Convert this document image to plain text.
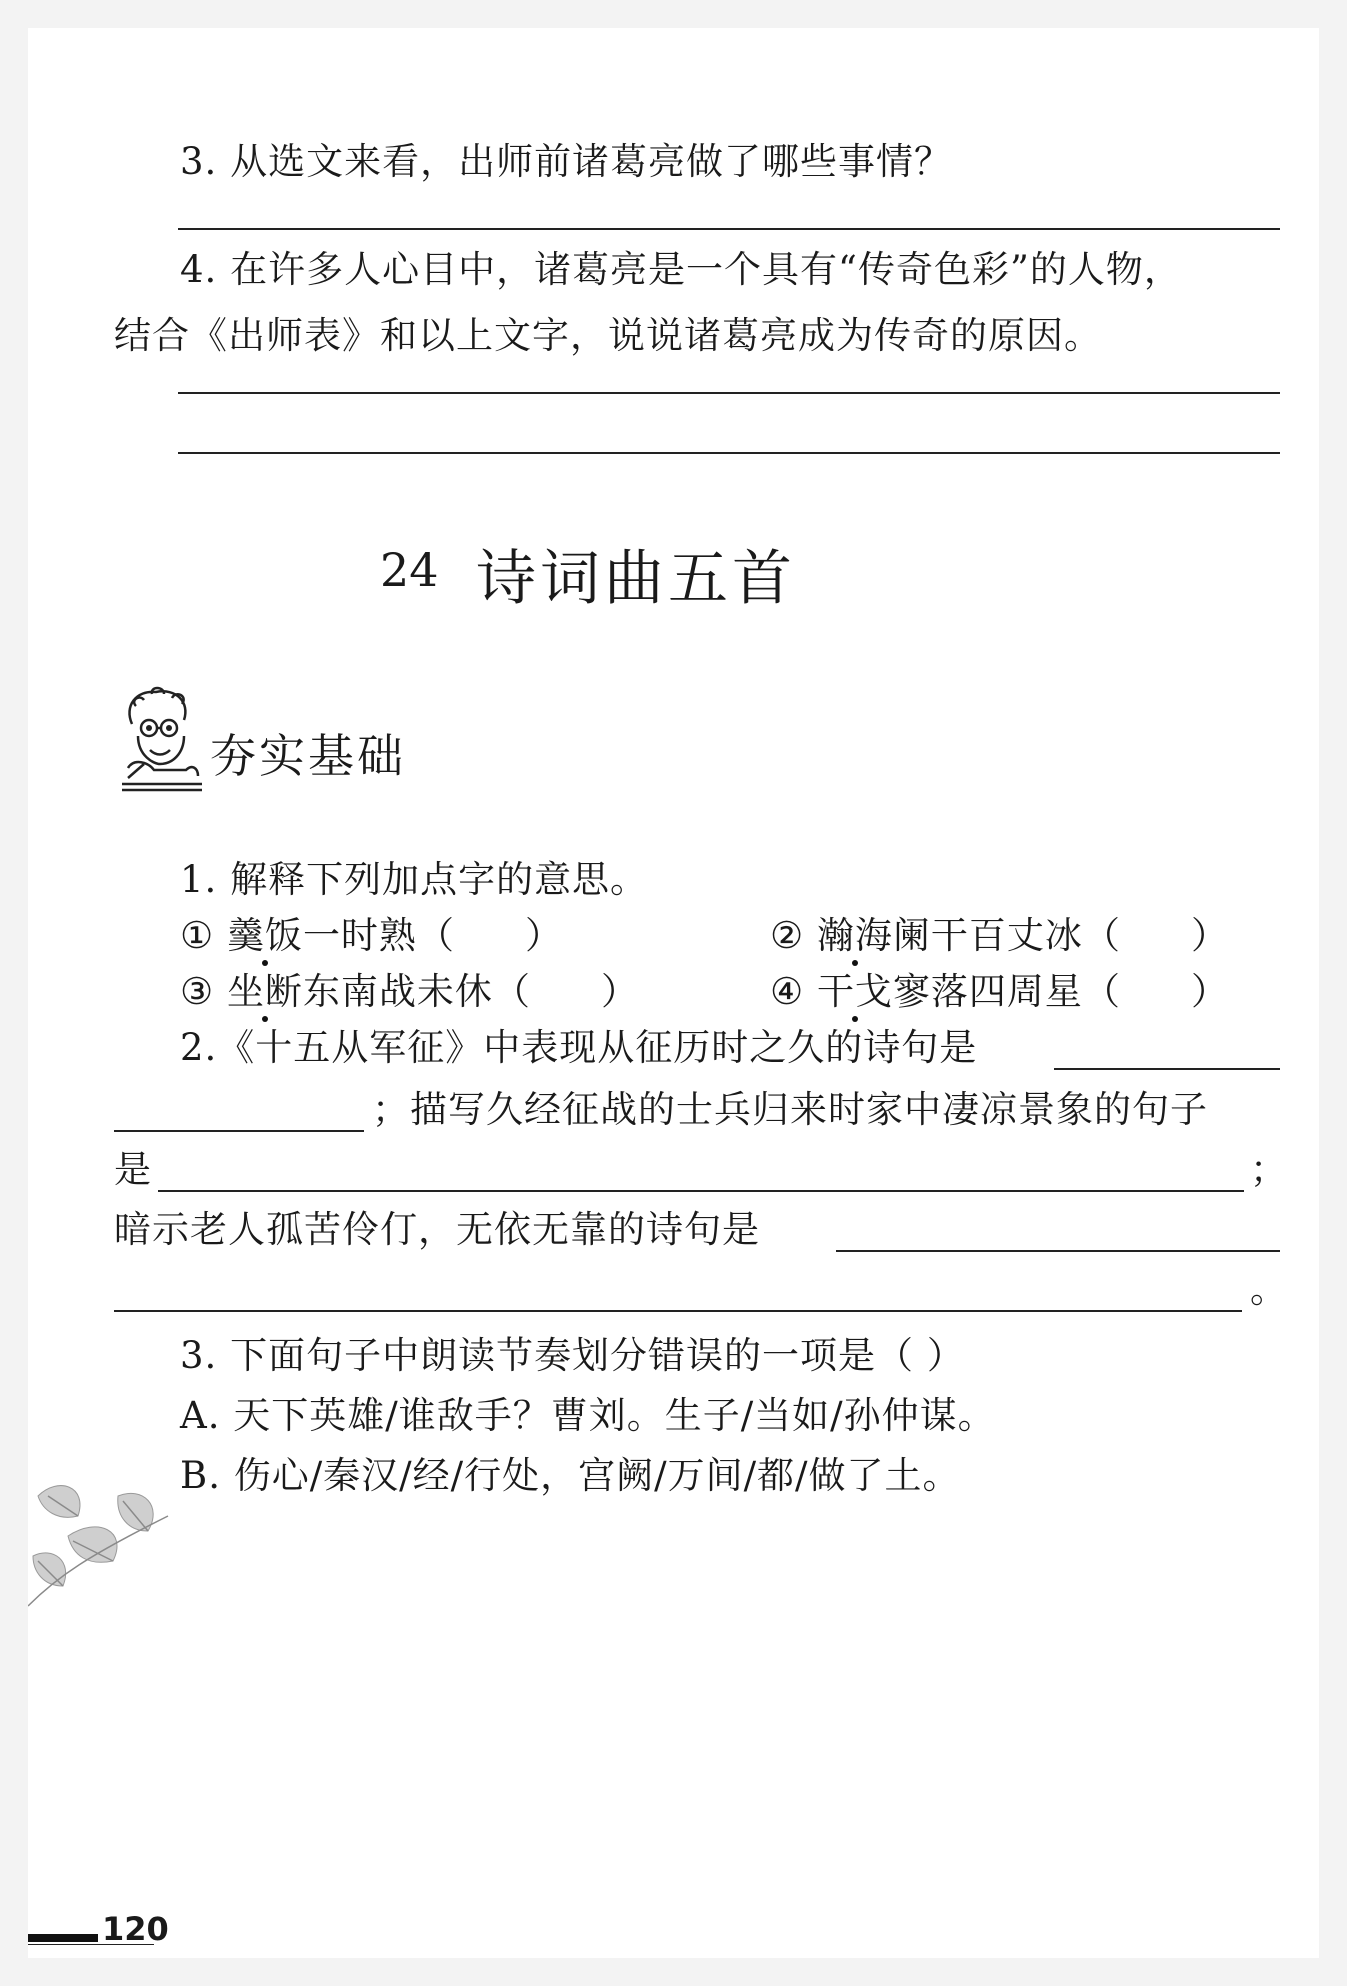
3. 从选文来看，出师前诸葛亮做了哪些事情？
4. 在许多人心目中，诸葛亮是一个具有“传奇色彩”的人物，
结合《出师表》和以上文字，说说诸葛亮成为传奇的原因。
24 诗词曲五首
夯实基础
1. 解释下列加点字的意思。
① 羹饭一时熟（ ）	② 瀚海阑干百丈冰（ ）
③ 坐断东南战未休（ ）	④ 干戈寥落四周星（ ）
2.《十五从军征》中表现从征历时之久的诗句是
；描写久经征战的士兵归来时家中凄凉景象的句子
是	；
暗示老人孤苦伶仃，无依无靠的诗句是
。
3. 下面句子中朗读节奏划分错误的一项是（ ）
A. 天下英雄/谁敌手？曹刘。生子/当如/孙仲谋。
B. 伤心/秦汉/经/行处，宫阙/万间/都/做了土。
120
